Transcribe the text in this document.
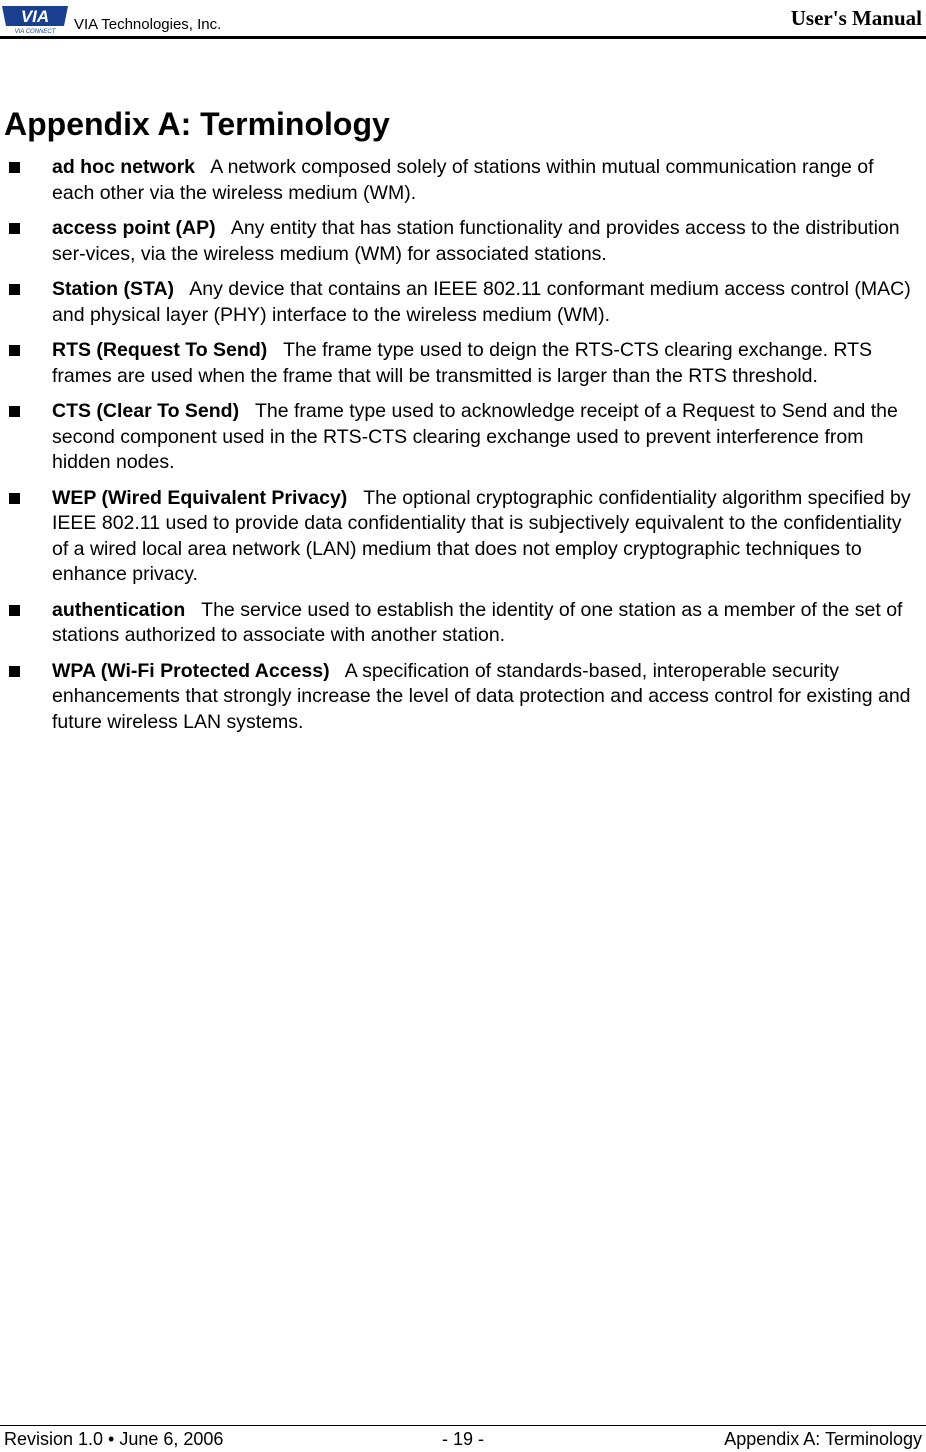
VIA
VIA CONNECT VIA Technologies, Inc.	User's Manual
Appendix A: Terminology
ad hoc network A network composed solely of stations within mutual communication range of each other via the wireless medium (WM).
access point (AP) Any entity that has station functionality and provides access to the distribution ser-vices, via the wireless medium (WM) for associated stations.
Station (STA) Any device that contains an IEEE 802.11 conformant medium access control (MAC) and physical layer (PHY) interface to the wireless medium (WM).
RTS (Request To Send) The frame type used to deign the RTS-CTS clearing exchange. RTS frames are used when the frame that will be transmitted is larger than the RTS threshold.
CTS (Clear To Send) The frame type used to acknowledge receipt of a Request to Send and the second component used in the RTS-CTS clearing exchange used to prevent interference from hidden nodes.
WEP (Wired Equivalent Privacy) The optional cryptographic confidentiality algorithm specified by IEEE 802.11 used to provide data confidentiality that is subjectively equivalent to the confidentiality of a wired local area network (LAN) medium that does not employ cryptographic techniques to enhance privacy.
authentication The service used to establish the identity of one station as a member of the set of stations authorized to associate with another station.
WPA (Wi-Fi Protected Access) A specification of standards-based, interoperable security enhancements that strongly increase the level of data protection and access control for existing and future wireless LAN systems.
Revision 1.0 • June 6, 2006	- 19 -	Appendix A: Terminology
